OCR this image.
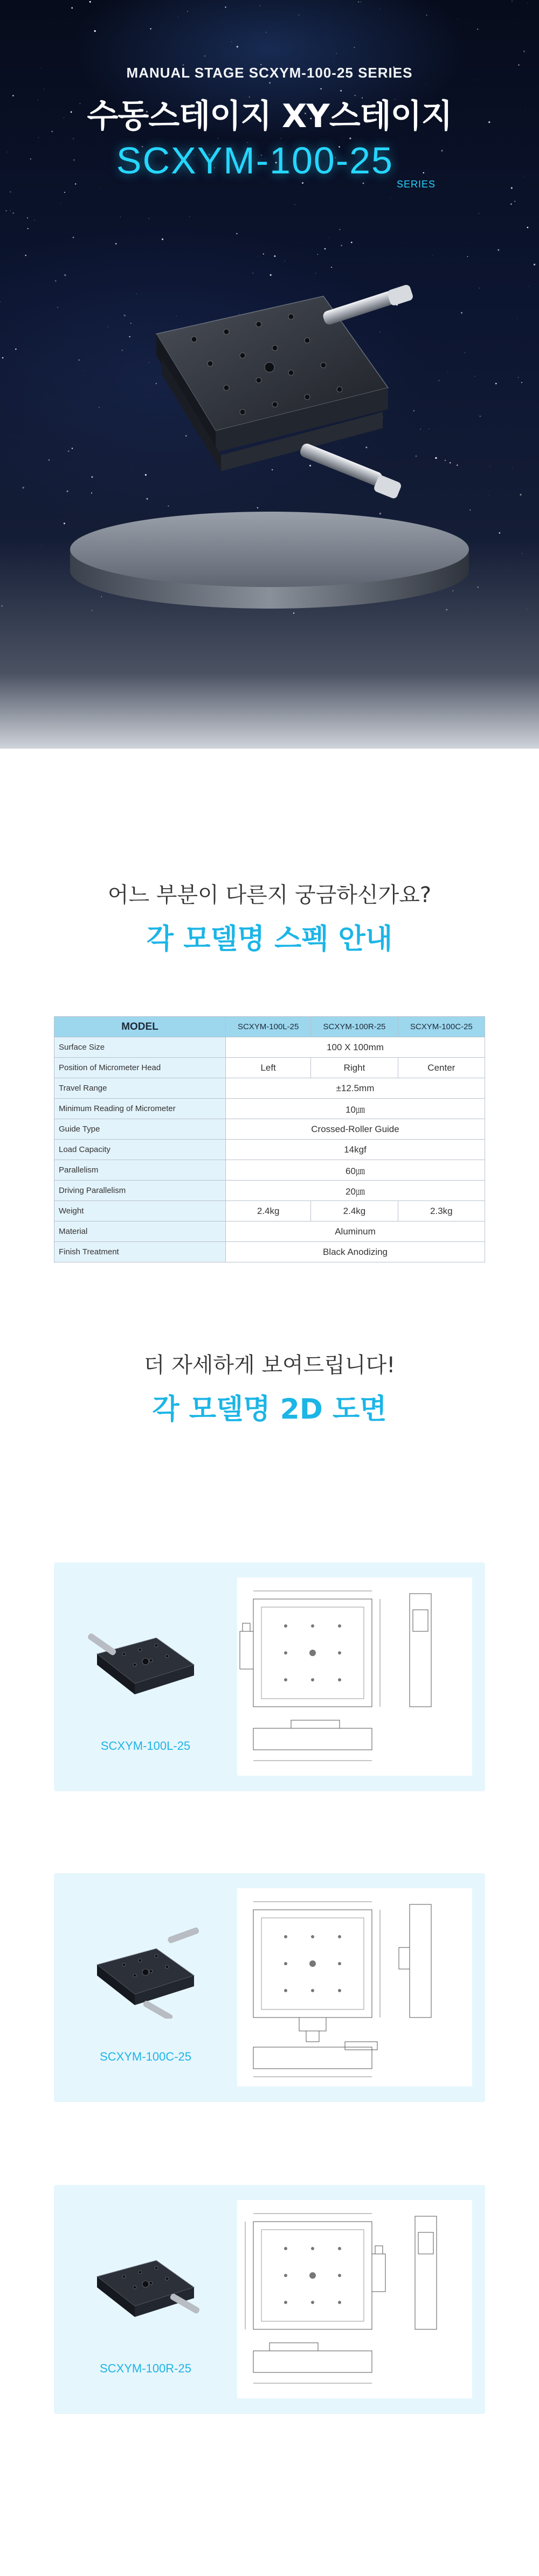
MANUAL STAGE SCXYM-100-25 SERIES
수동스테이지 XY스테이지
SCXYM-100-25
SERIES
어느 부분이 다른지 궁금하신가요?
각 모델명 스펙 안내
MODEL	SCXYM-100L-25	SCXYM-100R-25	SCXYM-100C-25
Surface Size	100 X 100mm		
Position of Micrometer Head	Left	Right	Center
Travel Range	±12.5mm		
Minimum Reading of Micrometer	10㎛		
Guide Type	Crossed-Roller Guide		
Load Capacity	14kgf		
Parallelism	60㎛		
Driving Parallelism	20㎛		
Weight	2.4kg	2.4kg	2.3kg
Material	Aluminum		
Finish Treatment	Black Anodizing		
더 자세하게 보여드립니다!
각 모델명 2D 도면
SCXYM-100L-25
SCXYM-100C-25
SCXYM-100R-25
